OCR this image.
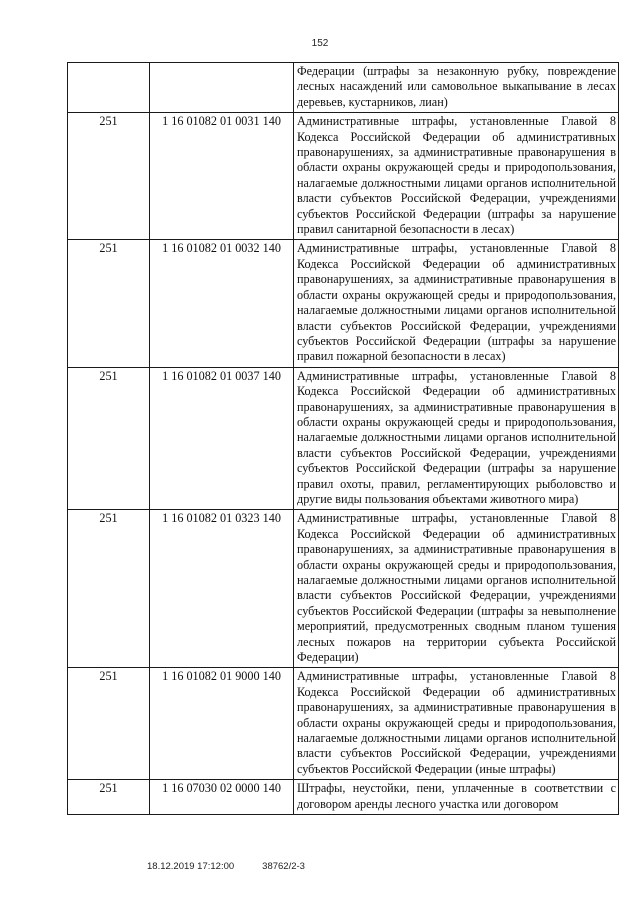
152
		Федерации (штрафы за незаконную рубку, повреждение лесных насаждений или самовольное выкапывание в лесах деревьев, кустарников, лиан)
251	1 16 01082 01 0031 140	Административные штрафы, установленные Главой 8 Кодекса Российской Федерации об административных правонарушениях, за административные правонарушения в области охраны окружающей среды и природопользования, налагаемые должностными лицами органов исполнительной власти субъектов Российской Федерации, учреждениями субъектов Российской Федерации (штрафы за нарушение правил санитарной безопасности в лесах)
251	1 16 01082 01 0032 140	Административные штрафы, установленные Главой 8 Кодекса Российской Федерации об административных правонарушениях, за административные правонарушения в области охраны окружающей среды и природопользования, налагаемые должностными лицами органов исполнительной власти субъектов Российской Федерации, учреждениями субъектов Российской Федерации (штрафы за нарушение правил пожарной безопасности в лесах)
251	1 16 01082 01 0037 140	Административные штрафы, установленные Главой 8 Кодекса Российской Федерации об административных правонарушениях, за административные правонарушения в области охраны окружающей среды и природопользования, налагаемые должностными лицами органов исполнительной власти субъектов Российской Федерации, учреждениями субъектов Российской Федерации (штрафы за нарушение правил охоты, правил, регламентирующих рыболовство и другие виды пользования объектами животного мира)
251	1 16 01082 01 0323 140	Административные штрафы, установленные Главой 8 Кодекса Российской Федерации об административных правонарушениях, за административные правонарушения в области охраны окружающей среды и природопользования, налагаемые должностными лицами органов исполнительной власти субъектов Российской Федерации, учреждениями субъектов Российской Федерации (штрафы за невыполнение мероприятий, предусмотренных сводным планом тушения лесных пожаров на территории субъекта Российской Федерации)
251	1 16 01082 01 9000 140	Административные штрафы, установленные Главой 8 Кодекса Российской Федерации об административных правонарушениях, за административные правонарушения в области охраны окружающей среды и природопользования, налагаемые должностными лицами органов исполнительной власти субъектов Российской Федерации, учреждениями субъектов Российской Федерации (иные штрафы)
251	1 16 07030 02 0000 140	Штрафы, неустойки, пени, уплаченные в соответствии с договором аренды лесного участка или договором
18.12.2019 17:12:00	38762/2-3
